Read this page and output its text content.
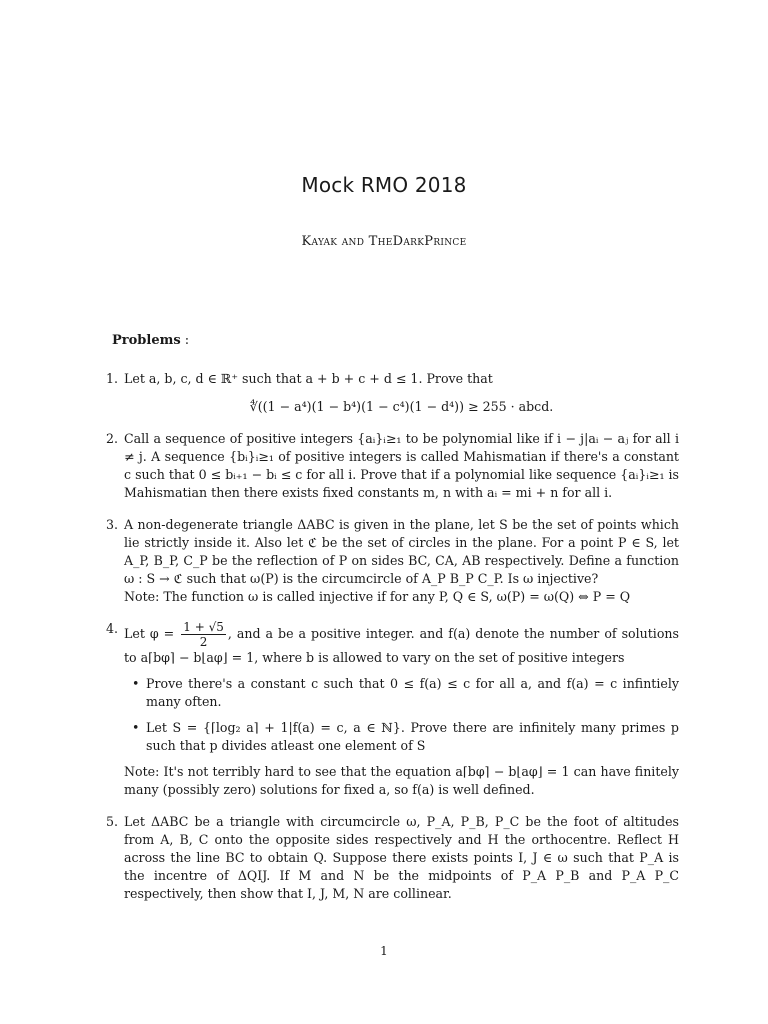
Mock RMO 2018
Kayak and TheDarkPrince
Problems :
1. Let a, b, c, d ∈ ℝ⁺ such that a + b + c + d ≤ 1. Prove that

∜((1 − a⁴)(1 − b⁴)(1 − c⁴)(1 − d⁴)) ≥ 255 · abcd.
2. Call a sequence of positive integers {aᵢ}ᵢ≥₁ to be polynomial like if i − j|aᵢ − aⱼ for all i ≠ j. A sequence {bᵢ}ᵢ≥₁ of positive integers is called Mahismatian if there's a constant c such that 0 ≤ bᵢ₊₁ − bᵢ ≤ c for all i. Prove that if a polynomial like sequence {aᵢ}ᵢ≥₁ is Mahismatian then there exists fixed constants m, n with aᵢ = mi + n for all i.

3. A non-degenerate triangle ΔABC is given in the plane, let S be the set of points which lie strictly inside it. Also let ℭ be the set of circles in the plane. For a point P ∈ S, let A_P, B_P, C_P be the reflection of P on sides BC, CA, AB respectively. Define a function ω : S → ℭ such that ω(P) is the circumcircle of A_P B_P C_P. Is ω injective?

Note: The function ω is called injective if for any P, Q ∈ S, ω(P) = ω(Q) ⇔ P = Q

4. Let $\varphi = \frac{1 + √5}{2}$ , and a be a positive integer. and f(a) denote the number of solutions to a⌈bφ⌉ − b⌊aφ⌋ = 1, where b is allowed to vary on the set of positive integers

• Prove there's a constant c such that 0 ≤ f(a) ≤ c for all a, and f(a) = c infintiely many often.
• Let S = {⌈log₂ a⌉ + 1|f(a) = c, a ∈ ℕ}. Prove there are infinitely many primes p such that p divides atleast one element of S

Note: It's not terribly hard to see that the equation a⌈bφ⌉ − b⌊aφ⌋ = 1 can have finitely many (possibly zero) solutions for fixed a, so f(a) is well defined.

5. Let ΔABC be a triangle with circumcircle ω, P_A, P_B, P_C be the foot of altitudes from A, B, C onto the opposite sides respectively and H the orthocentre. Reflect H across the line BC to obtain Q. Suppose there exists points I, J ∈ ω such that P_A is the incentre of ΔQIJ. If M and N be the midpoints of P_A P_B and P_A P_C respectively, then show that I, J, M, N are collinear.

1
